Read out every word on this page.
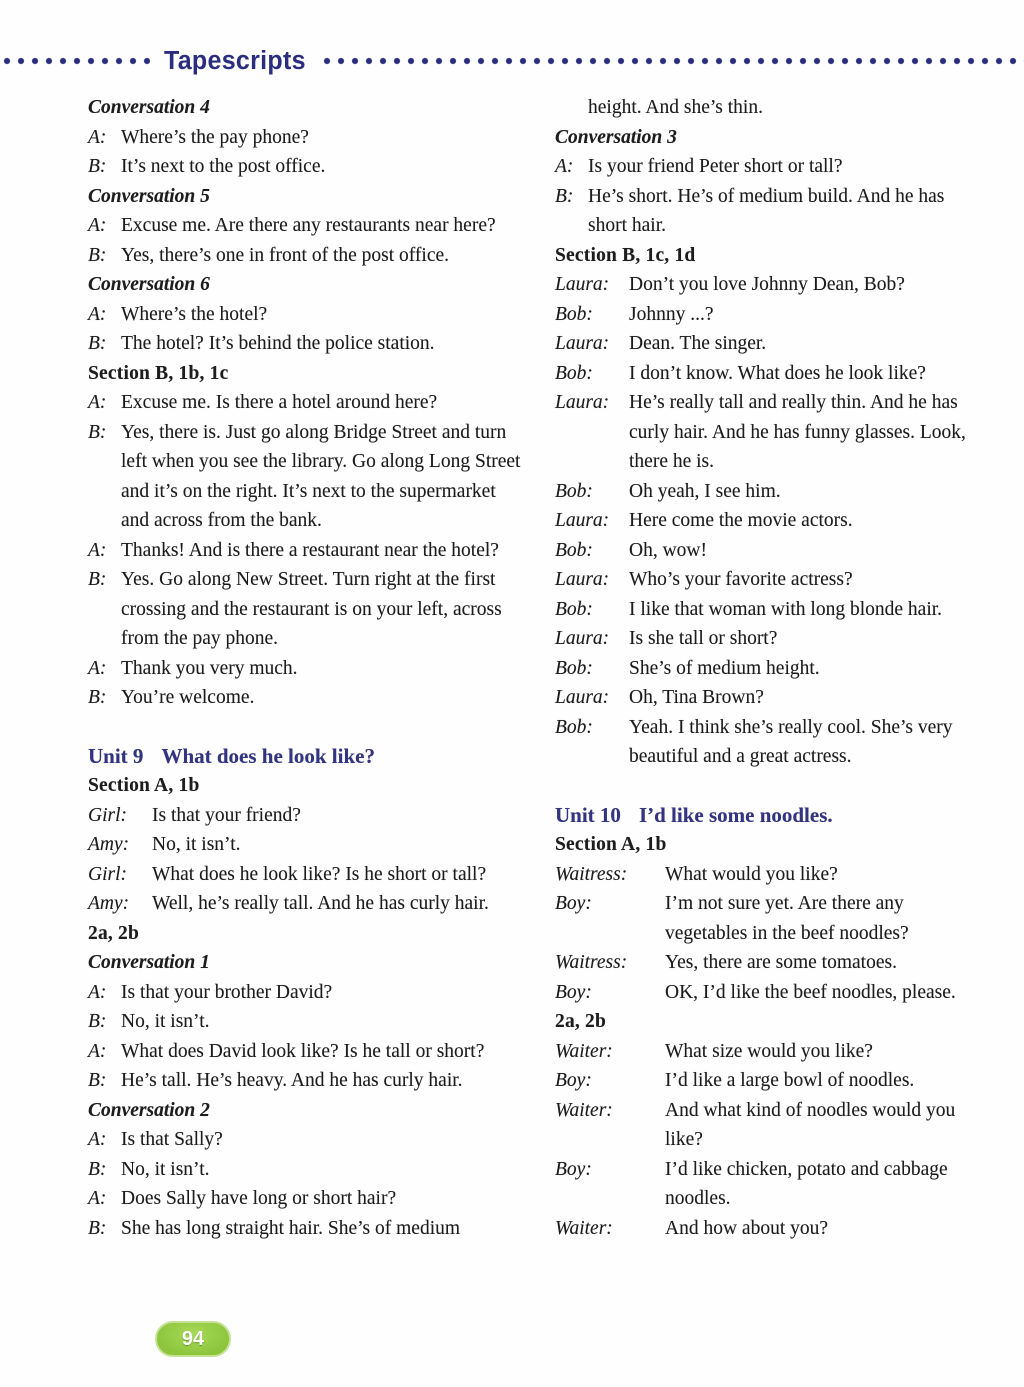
Tapescripts
Conversation 4
A: Where’s the pay phone?
B: It’s next to the post office.
Conversation 5
A: Excuse me. Are there any restaurants near here?
B: Yes, there’s one in front of the post office.
Conversation 6
A: Where’s the hotel?
B: The hotel? It’s behind the police station.
Section B, 1b, 1c
A: Excuse me. Is there a hotel around here?
B: Yes, there is. Just go along Bridge Street and turn left when you see the library. Go along Long Street and it’s on the right. It’s next to the supermarket and across from the bank.
A: Thanks! And is there a restaurant near the hotel?
B: Yes. Go along New Street. Turn right at the first crossing and the restaurant is on your left, across from the pay phone.
A: Thank you very much.
B: You’re welcome.
Unit 9 What does he look like?
Section A, 1b
Girl: Is that your friend?
Amy: No, it isn’t.
Girl: What does he look like? Is he short or tall?
Amy: Well, he’s really tall. And he has curly hair.
2a, 2b
Conversation 1
A: Is that your brother David?
B: No, it isn’t.
A: What does David look like? Is he tall or short?
B: He’s tall. He’s heavy. And he has curly hair.
Conversation 2
A: Is that Sally?
B: No, it isn’t.
A: Does Sally have long or short hair?
B: She has long straight hair. She’s of medium
height. And she’s thin.
Conversation 3
A: Is your friend Peter short or tall?
B: He’s short. He’s of medium build. And he has short hair.
Section B, 1c, 1d
Laura: Don’t you love Johnny Dean, Bob?
Bob: Johnny ...?
Laura: Dean. The singer.
Bob: I don’t know. What does he look like?
Laura: He’s really tall and really thin. And he has curly hair. And he has funny glasses. Look, there he is.
Bob: Oh yeah, I see him.
Laura: Here come the movie actors.
Bob: Oh, wow!
Laura: Who’s your favorite actress?
Bob: I like that woman with long blonde hair.
Laura: Is she tall or short?
Bob: She’s of medium height.
Laura: Oh, Tina Brown?
Bob: Yeah. I think she’s really cool. She’s very beautiful and a great actress.
Unit 10 I’d like some noodles.
Section A, 1b
Waitress: What would you like?
Boy:	I’m not sure yet. Are there any vegetables in the beef noodles?
Waitress: Yes, there are some tomatoes.
Boy:	OK, I’d like the beef noodles, please.
2a, 2b
Waiter:	What size would you like?
Boy:	I’d like a large bowl of noodles.
Waiter:	And what kind of noodles would you like?
Boy:	I’d like chicken, potato and cabbage noodles.
Waiter:	And how about you?
94
